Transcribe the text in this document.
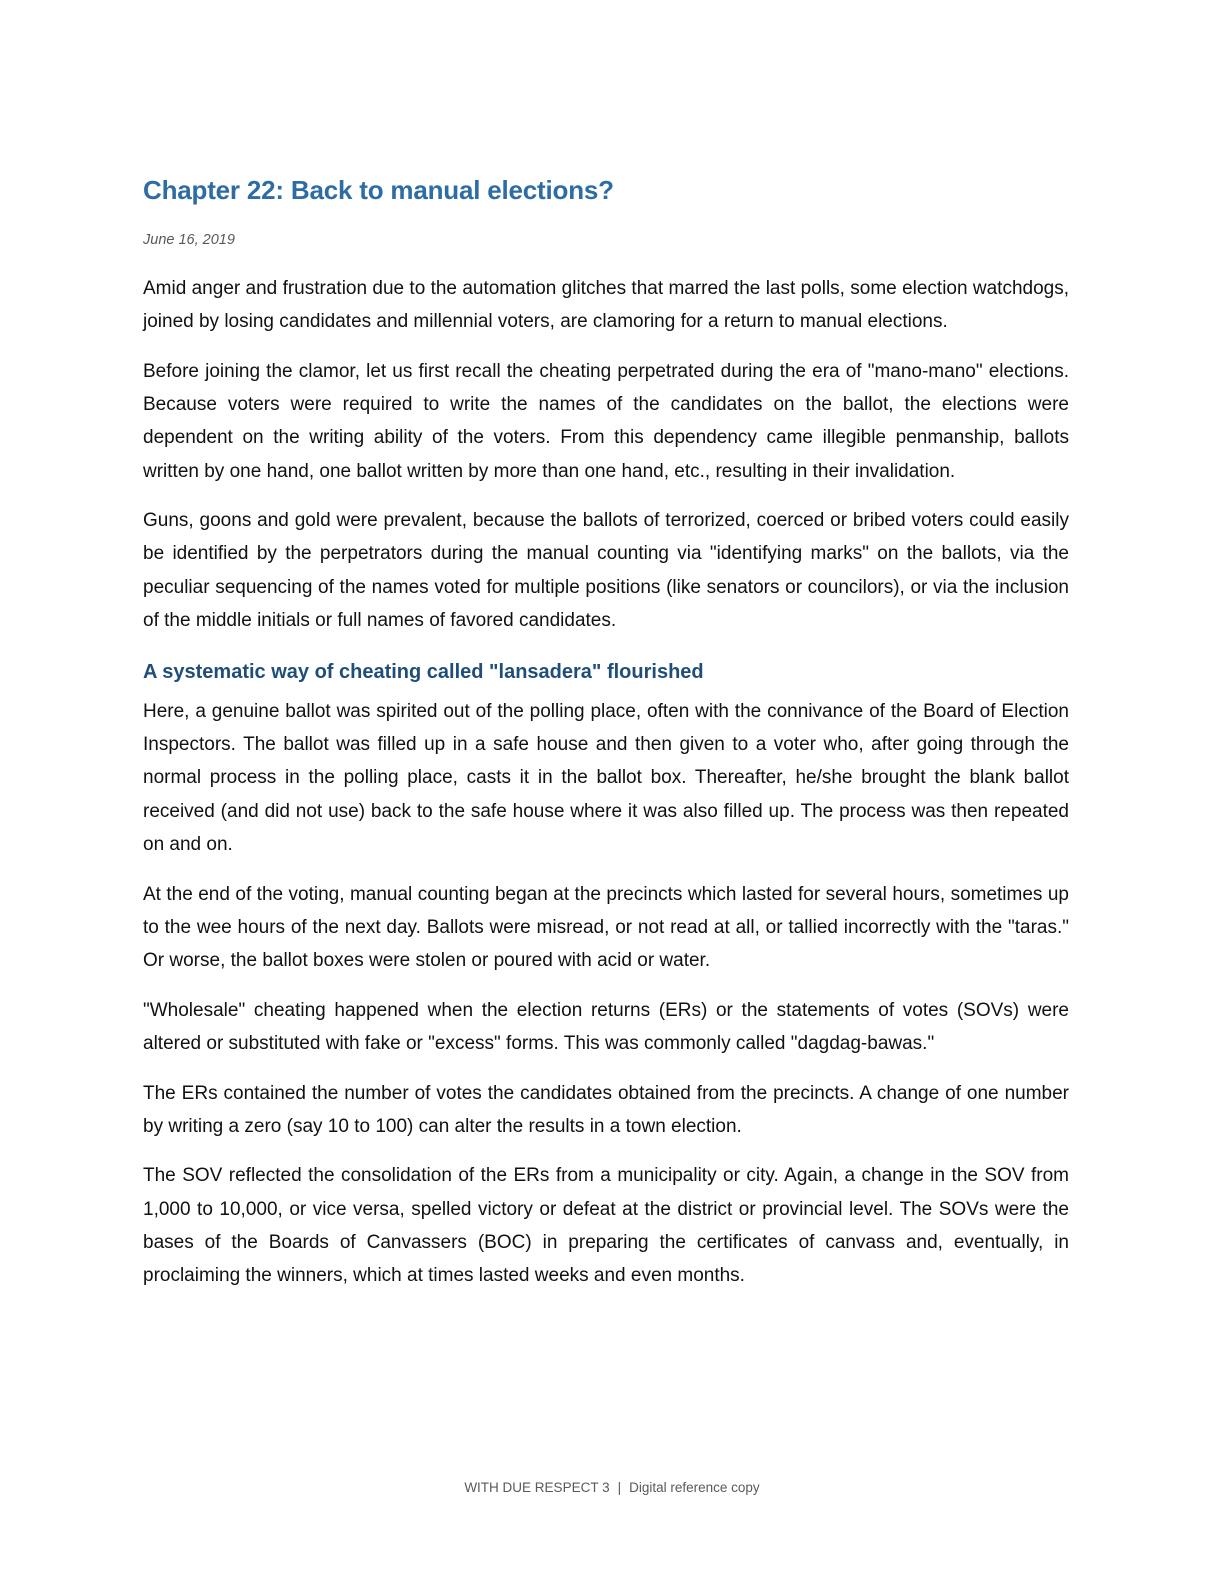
Chapter 22: Back to manual elections?
June 16, 2019

Amid anger and frustration due to the automation glitches that marred the last polls, some election watchdogs, joined by losing candidates and millennial voters, are clamoring for a return to manual elections.

Before joining the clamor, let us first recall the cheating perpetrated during the era of "mano-mano" elections. Because voters were required to write the names of the candidates on the ballot, the elections were dependent on the writing ability of the voters. From this dependency came illegible penmanship, ballots written by one hand, one ballot written by more than one hand, etc., resulting in their invalidation.

Guns, goons and gold were prevalent, because the ballots of terrorized, coerced or bribed voters could easily be identified by the perpetrators during the manual counting via "identifying marks" on the ballots, via the peculiar sequencing of the names voted for multiple positions (like senators or councilors), or via the inclusion of the middle initials or full names of favored candidates.

A systematic way of cheating called "lansadera" flourished

Here, a genuine ballot was spirited out of the polling place, often with the connivance of the Board of Election Inspectors. The ballot was filled up in a safe house and then given to a voter who, after going through the normal process in the polling place, casts it in the ballot box. Thereafter, he/she brought the blank ballot received (and did not use) back to the safe house where it was also filled up. The process was then repeated on and on.

At the end of the voting, manual counting began at the precincts which lasted for several hours, sometimes up to the wee hours of the next day. Ballots were misread, or not read at all, or tallied incorrectly with the "taras." Or worse, the ballot boxes were stolen or poured with acid or water.

"Wholesale" cheating happened when the election returns (ERs) or the statements of votes (SOVs) were altered or substituted with fake or "excess" forms. This was commonly called "dagdag-bawas."

The ERs contained the number of votes the candidates obtained from the precincts. A change of one number by writing a zero (say 10 to 100) can alter the results in a town election.

The SOV reflected the consolidation of the ERs from a municipality or city. Again, a change in the SOV from 1,000 to 10,000, or vice versa, spelled victory or defeat at the district or provincial level. The SOVs were the bases of the Boards of Canvassers (BOC) in preparing the certificates of canvass and, eventually, in proclaiming the winners, which at times lasted weeks and even months.

WITH DUE RESPECT 3 | Digital reference copy
